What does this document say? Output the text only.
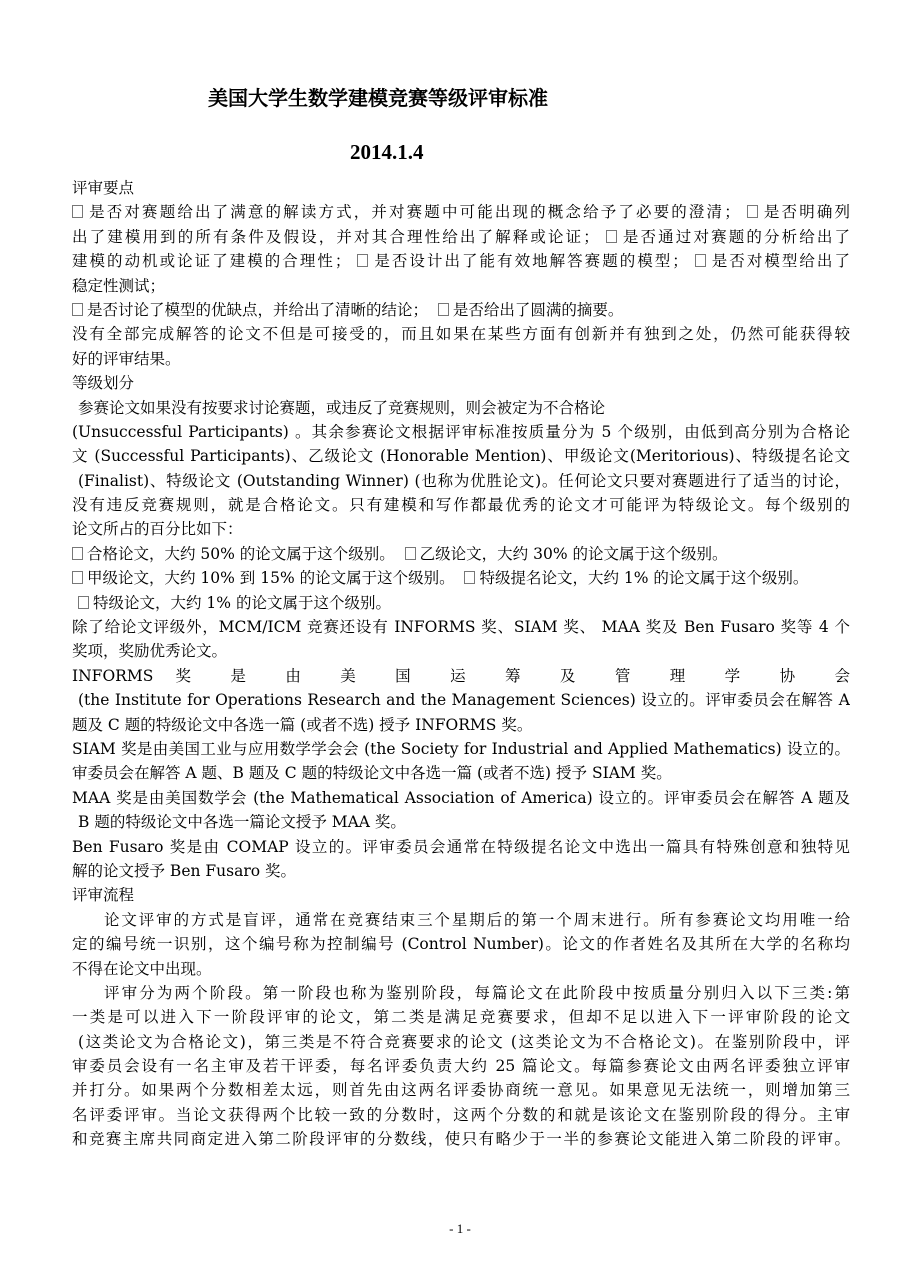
美国大学生数学建模竞赛等级评审标准
2014.1.4
评审要点
是否对赛题给出了满意的解读方式，并对赛题中可能出现的概念给予了必要的澄清； 是否明确列
出了建模用到的所有条件及假设，并对其合理性给出了解释或论证； 是否通过对赛题的分析给出了
建模的动机或论证了建模的合理性； 是否设计出了能有效地解答赛题的模型； 是否对模型给出了
稳定性测试；
是否讨论了模型的优缺点，并给出了清晰的结论； 是否给出了圆满的摘要。
没有全部完成解答的论文不但是可接受的，而且如果在某些方面有创新并有独到之处，仍然可能获得较
好的评审结果。
等级划分
参赛论文如果没有按要求讨论赛题，或违反了竞赛规则，则会被定为不合格论
(Unsuccessful Participants) 。其余参赛论文根据评审标准按质量分为 5 个级别，由低到高分别为合格论
文 (Successful Participants)、乙级论文 (Honorable Mention)、甲级论文(Meritorious)、特级提名论文
(Finalist)、特级论文 (Outstanding Winner) (也称为优胜论文)。任何论文只要对赛题进行了适当的讨论，
没有违反竞赛规则，就是合格论文。只有建模和写作都最优秀的论文才可能评为特级论文。每个级别的
论文所占的百分比如下：
合格论文，大约 50% 的论文属于这个级别。 乙级论文，大约 30% 的论文属于这个级别。
甲级论文，大约 10% 到 15% 的论文属于这个级别。 特级提名论文，大约 1% 的论文属于这个级别。
特级论文，大约 1% 的论文属于这个级别。
除了给论文评级外，MCM/ICM 竞赛还设有 INFORMS 奖、SIAM 奖、 MAA 奖及 Ben Fusaro 奖等 4 个
奖项，奖励优秀论文。
INFORMS 奖 是 由 美 国 运 筹 及 管 理 学 协 会
(the Institute for Operations Research and the Management Sciences) 设立的。评审委员会在解答 A
题及 C 题的特级论文中各选一篇 (或者不选) 授予 INFORMS 奖。
SIAM 奖是由美国工业与应用数学学会会 (the Society for Industrial and Applied Mathematics) 设立的。
审委员会在解答 A 题、B 题及 C 题的特级论文中各选一篇 (或者不选) 授予 SIAM 奖。
MAA 奖是由美国数学会 (the Mathematical Association of America) 设立的。评审委员会在解答 A 题及
B 题的特级论文中各选一篇论文授予 MAA 奖。
Ben Fusaro 奖是由 COMAP 设立的。评审委员会通常在特级提名论文中选出一篇具有特殊创意和独特见
解的论文授予 Ben Fusaro 奖。
评审流程
论文评审的方式是盲评，通常在竞赛结束三个星期后的第一个周末进行。所有参赛论文均用唯一给
定的编号统一识别，这个编号称为控制编号 (Control Number)。论文的作者姓名及其所在大学的名称均
不得在论文中出现。
评审分为两个阶段。第一阶段也称为鉴别阶段，每篇论文在此阶段中按质量分别归入以下三类:第
一类是可以进入下一阶段评审的论文，第二类是满足竞赛要求，但却不足以进入下一评审阶段的论文
(这类论文为合格论文)，第三类是不符合竞赛要求的论文 (这类论文为不合格论文)。在鉴别阶段中，评
审委员会设有一名主审及若干评委，每名评委负责大约 25 篇论文。每篇参赛论文由两名评委独立评审
并打分。如果两个分数相差太远，则首先由这两名评委协商统一意见。如果意见无法统一，则增加第三
名评委评审。当论文获得两个比较一致的分数时，这两个分数的和就是该论文在鉴别阶段的得分。主审
和竞赛主席共同商定进入第二阶段评审的分数线，使只有略少于一半的参赛论文能进入第二阶段的评审。
- 1 -
